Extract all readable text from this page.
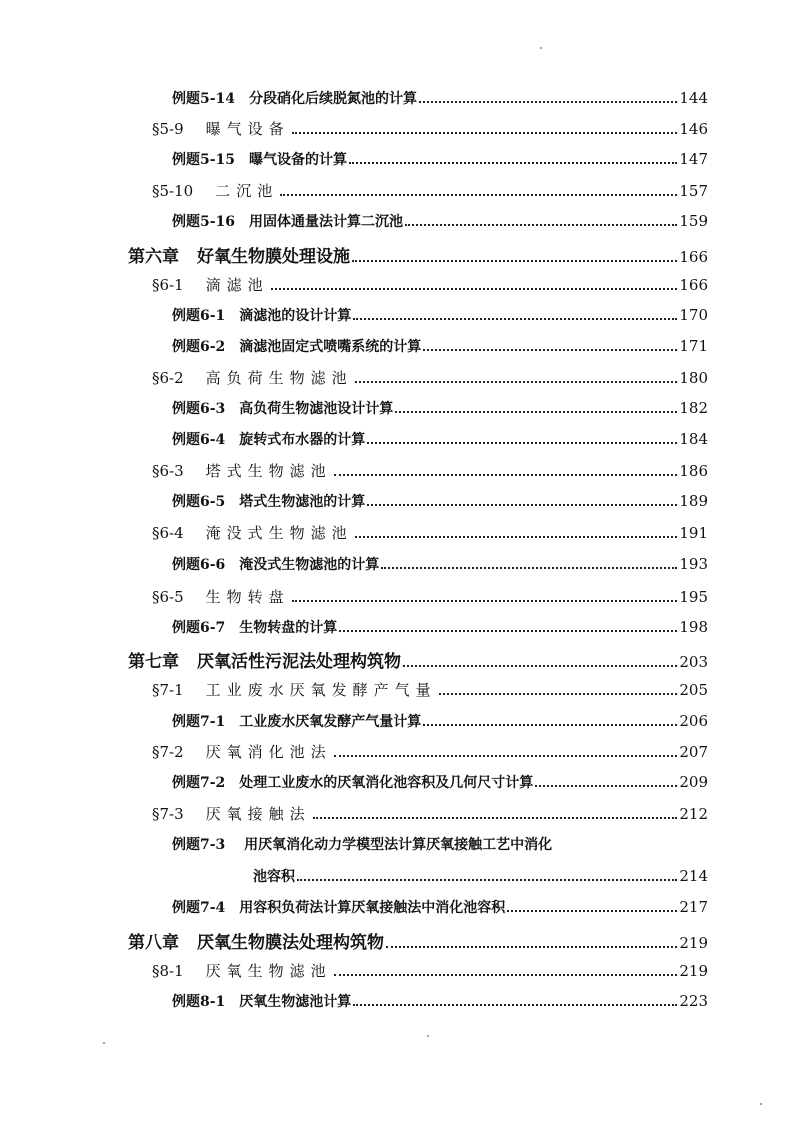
例题5-14 分段硝化后续脱氮池的计算	144
§5-9 曝气设备	146
例题5-15 曝气设备的计算	147
§5-10 二沉池	157
例题5-16 用固体通量法计算二沉池	159
第六章 好氧生物膜处理设施	166
§6-1 滴滤池	166
例题6-1 滴滤池的设计计算	170
例题6-2 滴滤池固定式喷嘴系统的计算	171
§6-2 高负荷生物滤池	180
例题6-3 高负荷生物滤池设计计算	182
例题6-4 旋转式布水器的计算	184
§6-3 塔式生物滤池	186
例题6-5 塔式生物滤池的计算	189
§6-4 淹没式生物滤池	191
例题6-6 淹没式生物滤池的计算	193
§6-5 生物转盘	195
例题6-7 生物转盘的计算	198
第七章 厌氧活性污泥法处理构筑物	203
§7-1 工业废水厌氧发酵产气量	205
例题7-1 工业废水厌氧发酵产气量计算	206
§7-2 厌氧消化池法	207
例题7-2 处理工业废水的厌氧消化池容积及几何尺寸计算	209
§7-3 厌氧接触法	212
例题7-3 用厌氧消化动力学模型法计算厌氧接触工艺中消化
池容积	214
例题7-4 用容积负荷法计算厌氧接触法中消化池容积	217
第八章 厌氧生物膜法处理构筑物	219
§8-1 厌氧生物滤池	219
例题8-1 厌氧生物滤池计算	223
